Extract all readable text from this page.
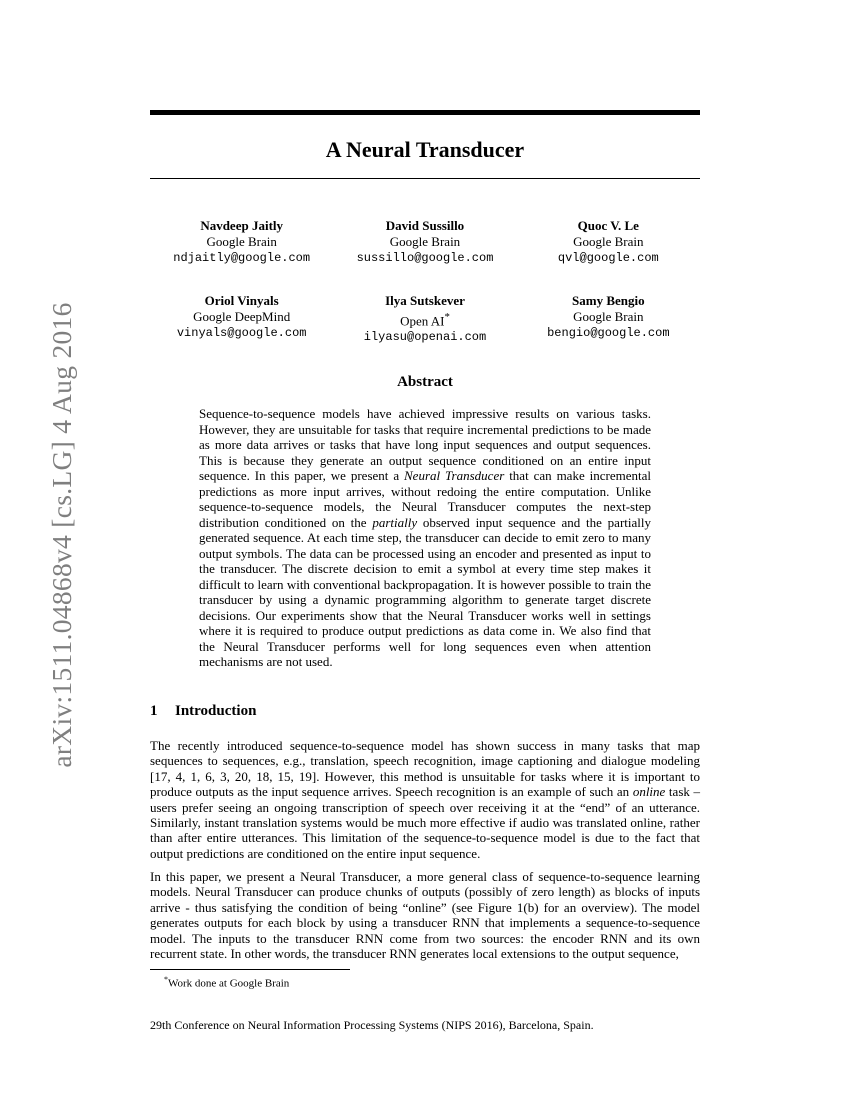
arXiv:1511.04868v4 [cs.LG] 4 Aug 2016
A Neural Transducer
Navdeep Jaitly
Google Brain
ndjaitly@google.com
David Sussillo
Google Brain
sussillo@google.com
Quoc V. Le
Google Brain
qvl@google.com
Oriol Vinyals
Google DeepMind
vinyals@google.com
Ilya Sutskever
Open AI*
ilyasu@openai.com
Samy Bengio
Google Brain
bengio@google.com
Abstract

Sequence-to-sequence models have achieved impressive results on various tasks. However, they are unsuitable for tasks that require incremental predictions to be made as more data arrives or tasks that have long input sequences and output sequences. This is because they generate an output sequence conditioned on an entire input sequence. In this paper, we present a Neural Transducer that can make incremental predictions as more input arrives, without redoing the entire computation. Unlike sequence-to-sequence models, the Neural Transducer computes the next-step distribution conditioned on the partially observed input sequence and the partially generated sequence. At each time step, the transducer can decide to emit zero to many output symbols. The data can be processed using an encoder and presented as input to the transducer. The discrete decision to emit a symbol at every time step makes it difficult to learn with conventional backpropagation. It is however possible to train the transducer by using a dynamic programming algorithm to generate target discrete decisions. Our experiments show that the Neural Transducer works well in settings where it is required to produce output predictions as data come in. We also find that the Neural Transducer performs well for long sequences even when attention mechanisms are not used.

1 Introduction

The recently introduced sequence-to-sequence model has shown success in many tasks that map sequences to sequences, e.g., translation, speech recognition, image captioning and dialogue modeling [17, 4, 1, 6, 3, 20, 18, 15, 19]. However, this method is unsuitable for tasks where it is important to produce outputs as the input sequence arrives. Speech recognition is an example of such an online task – users prefer seeing an ongoing transcription of speech over receiving it at the “end” of an utterance. Similarly, instant translation systems would be much more effective if audio was translated online, rather than after entire utterances. This limitation of the sequence-to-sequence model is due to the fact that output predictions are conditioned on the entire input sequence.

In this paper, we present a Neural Transducer, a more general class of sequence-to-sequence learning models. Neural Transducer can produce chunks of outputs (possibly of zero length) as blocks of inputs arrive - thus satisfying the condition of being “online” (see Figure 1(b) for an overview). The model generates outputs for each block by using a transducer RNN that implements a sequence-to-sequence model. The inputs to the transducer RNN come from two sources: the encoder RNN and its own recurrent state. In other words, the transducer RNN generates local extensions to the output sequence,

*Work done at Google Brain

29th Conference on Neural Information Processing Systems (NIPS 2016), Barcelona, Spain.
